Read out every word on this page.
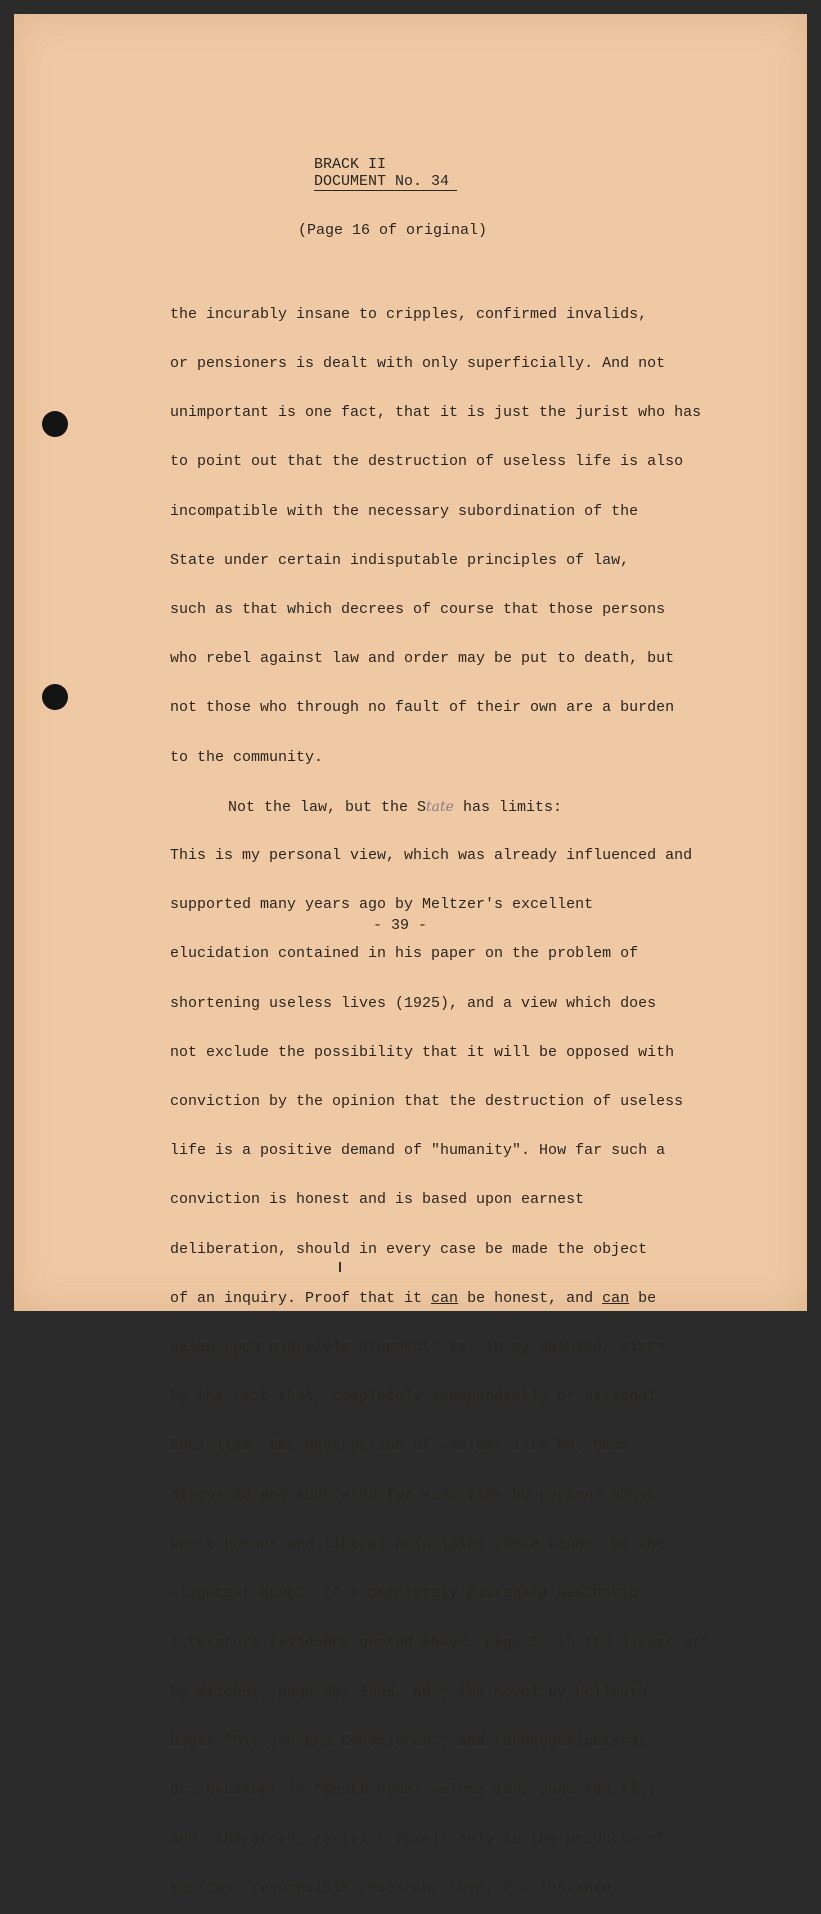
BRACK II
DOCUMENT No. 34
(Page 16 of original)

the incurably insane to cripples, confirmed invalids,

or pensioners is dealt with only superficially. And not

unimportant is one fact, that it is just the jurist who has

to point out that the destruction of useless life is also

incompatible with the necessary subordination of the

State under certain indisputable principles of law,

such as that which decrees of course that those persons

who rebel against law and order may be put to death, but

not those who through no fault of their own are a burden

to the community.

Not the law, but the State has limits:

This is my personal view, which was already influenced and

supported many years ago by Meltzer's excellent

elucidation contained in his paper on the problem of

shortening useless lives (1925), and a view which does

not exclude the possibility that it will be opposed with

conviction by the opinion that the destruction of useless

life is a positive demand of "humanity". How far such a

conviction is honest and is based upon earnest

deliberation, should in every case be made the object

of an inquiry. Proof that it can be honest, and can be

based upon plausible arguments is, in my opinion, given

by the fact that, completely independently of National

Socialism, the destruction of useless life has been

discussed and advocated for some time by persons about

whose humane and liberal principles there cannot be the

slightest doubt. If I completely disregard aesthetic

literature (evidence quoted above, page I, in the dissertati

by Wischer, page 50, 1936, add, the novel by Hellmuth

Unger "Mission and Conscience", and Landesgerichtsrat

Dr. Neukampf in "Court Room" volume 109, page 403 ff.)

and, therefore, restrict myself only to the products of

serious, responsible research, then, for instance,

- 39 -
